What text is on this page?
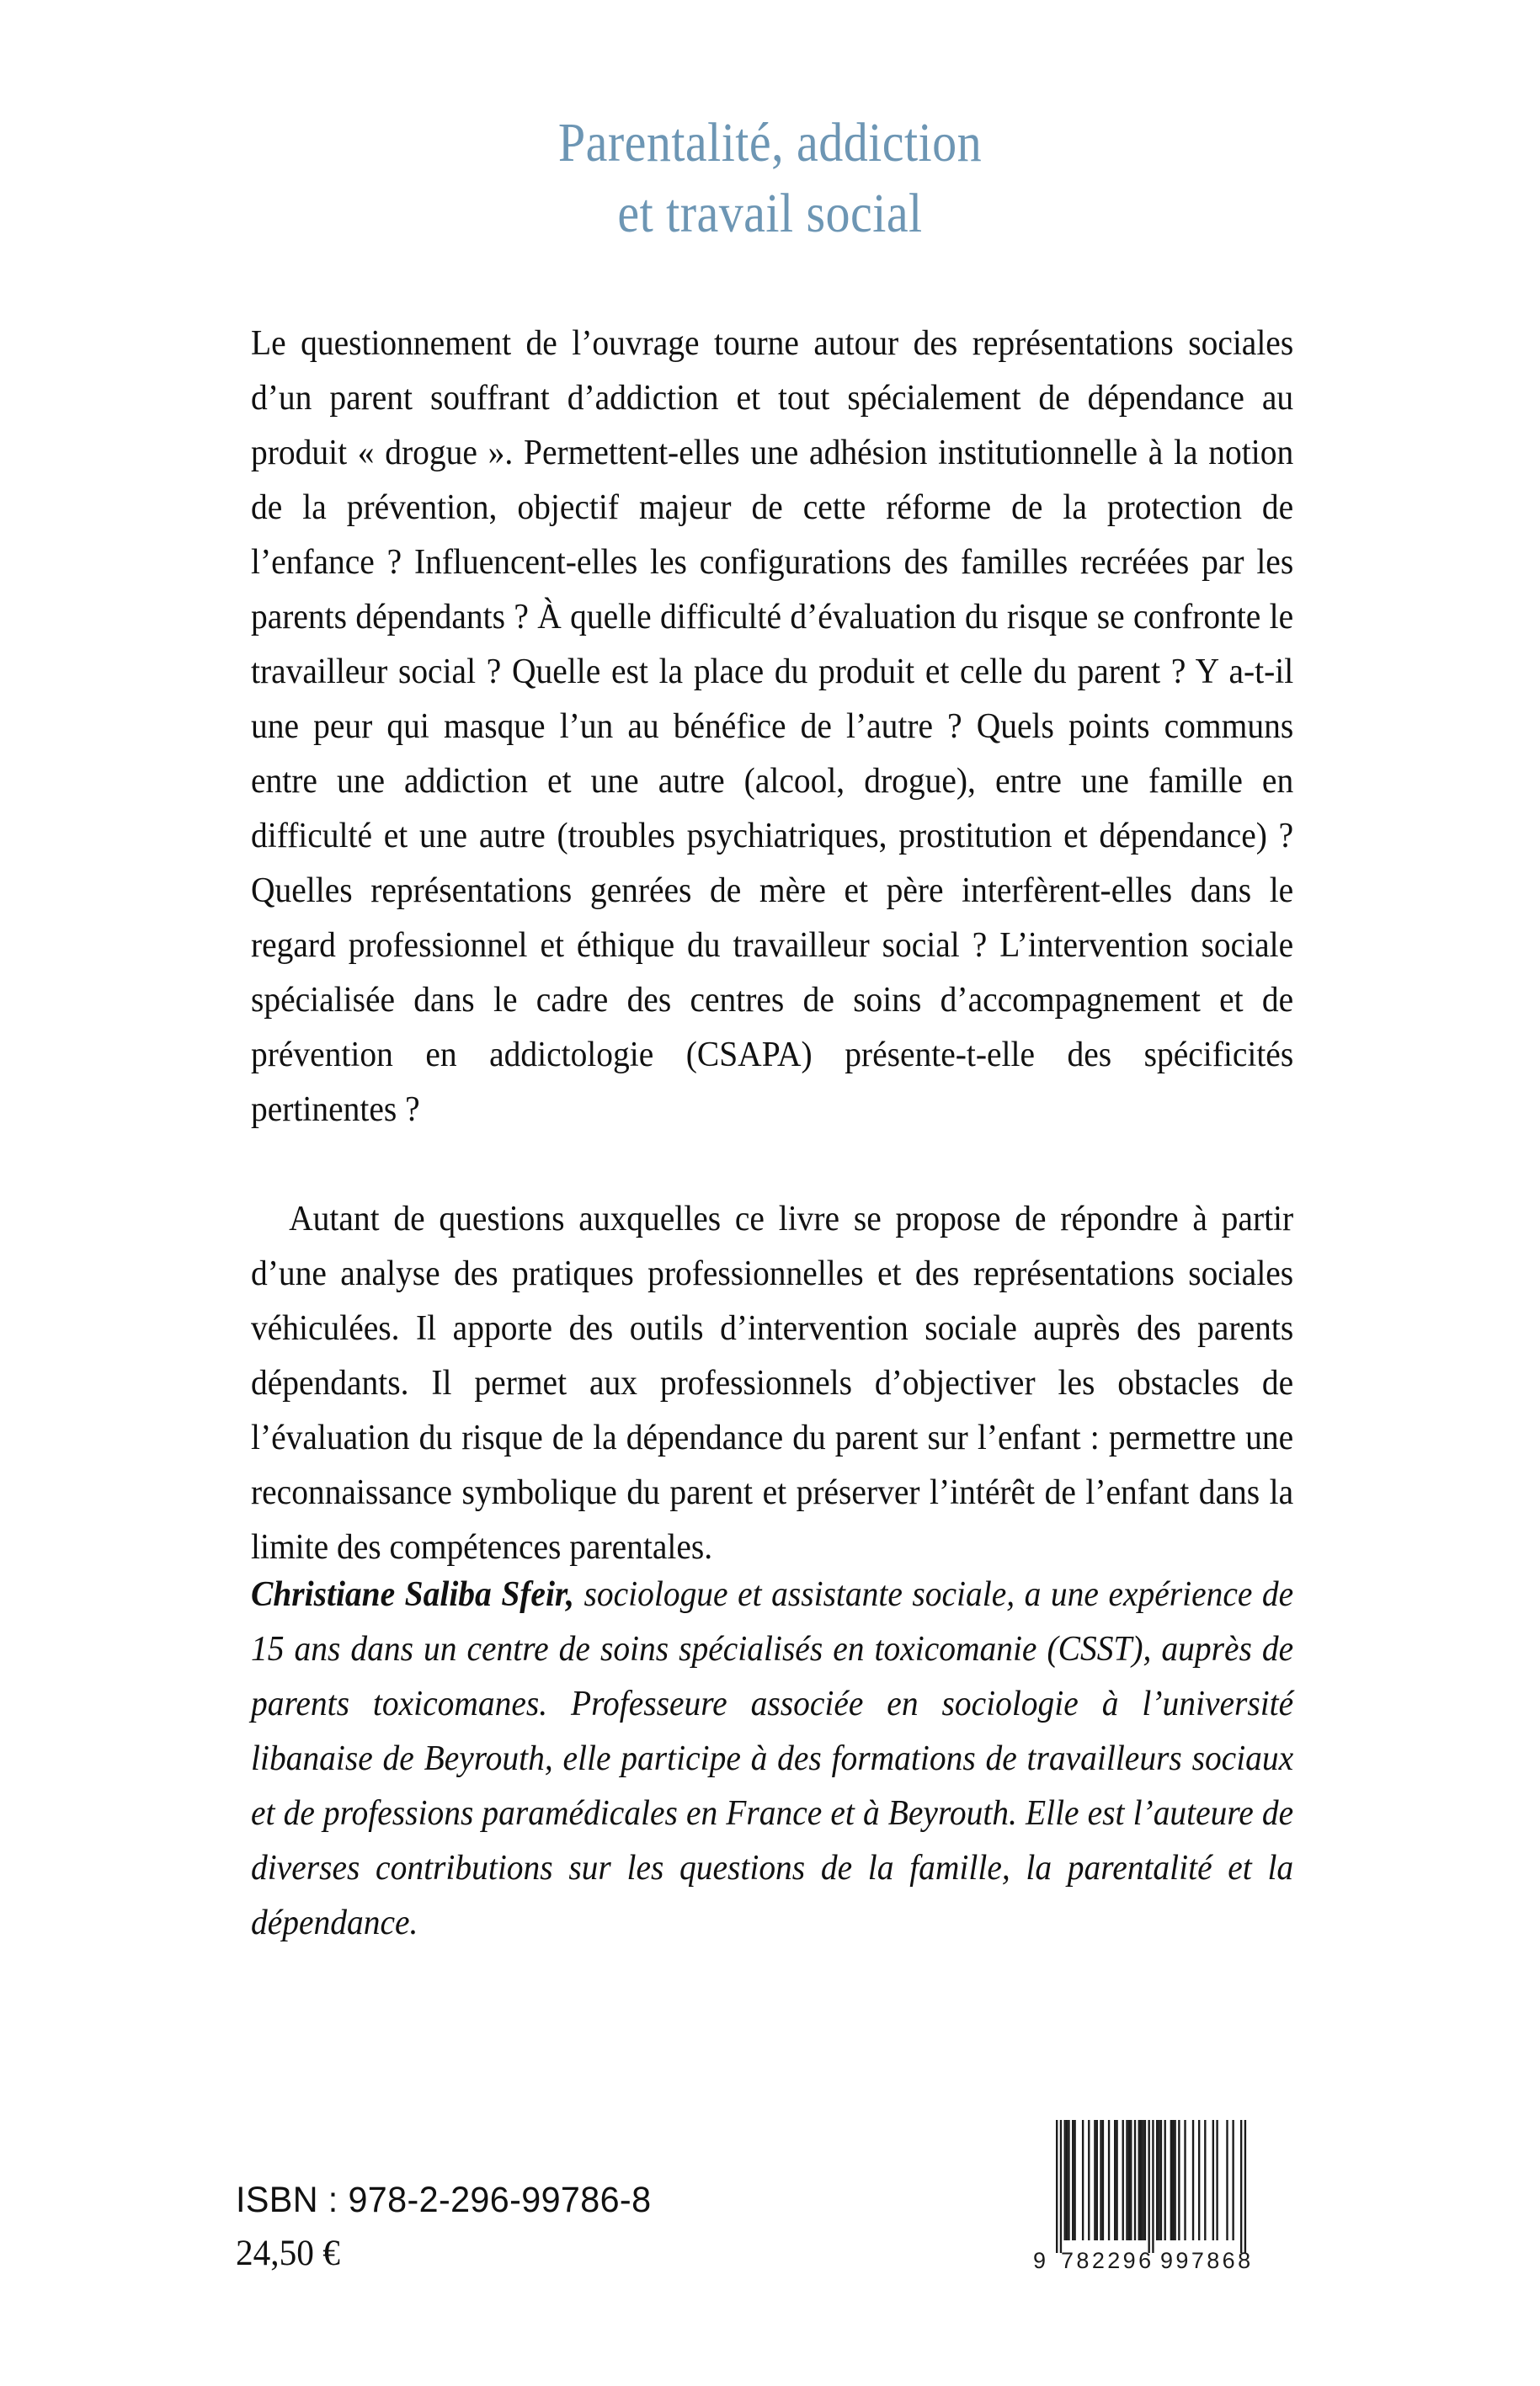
Parentalité, addiction
et travail social

Le questionnement de l’ouvrage tourne autour des représentations sociales d’un parent souffrant d’addiction et tout spécialement de dépendance au produit « drogue ». Permettent-elles une adhésion institutionnelle à la notion de la prévention, objectif majeur de cette réforme de la protection de l’enfance ? Influencent-elles les configurations des familles recréées par les parents dépendants ? À quelle difficulté d’évaluation du risque se confronte le travailleur social ? Quelle est la place du produit et celle du parent ? Y a-t-il une peur qui masque l’un au bénéfice de l’autre ? Quels points communs entre une addiction et une autre (alcool, drogue), entre une famille en difficulté et une autre (troubles psychiatriques, prostitution et dépendance) ? Quelles représentations genrées de mère et père interfèrent-elles dans le regard professionnel et éthique du travailleur social ? L’intervention sociale spécialisée dans le cadre des centres de soins d’accompagnement et de prévention en addictologie (CSAPA) présente-t-elle des spécificités pertinentes ?

Autant de questions auxquelles ce livre se propose de répondre à partir d’une analyse des pratiques professionnelles et des représentations sociales véhiculées. Il apporte des outils d’intervention sociale auprès des parents dépendants. Il permet aux professionnels d’objectiver les obstacles de l’évaluation du risque de la dépendance du parent sur l’enfant : permettre une reconnaissance symbolique du parent et préserver l’intérêt de l’enfant dans la limite des compétences parentales.

Christiane Saliba Sfeir, sociologue et assistante sociale, a une expérience de 15 ans dans un centre de soins spécialisés en toxicomanie (CSST), auprès de parents toxicomanes. Professeure associée en sociologie à l’université libanaise de Beyrouth, elle participe à des formations de travailleurs sociaux et de professions paramédicales en France et à Beyrouth. Elle est l’auteure de diverses contributions sur les questions de la famille, la parentalité et la dépendance.

ISBN : 978-2-296-99786-8
24,50 €	9 782296 997868
